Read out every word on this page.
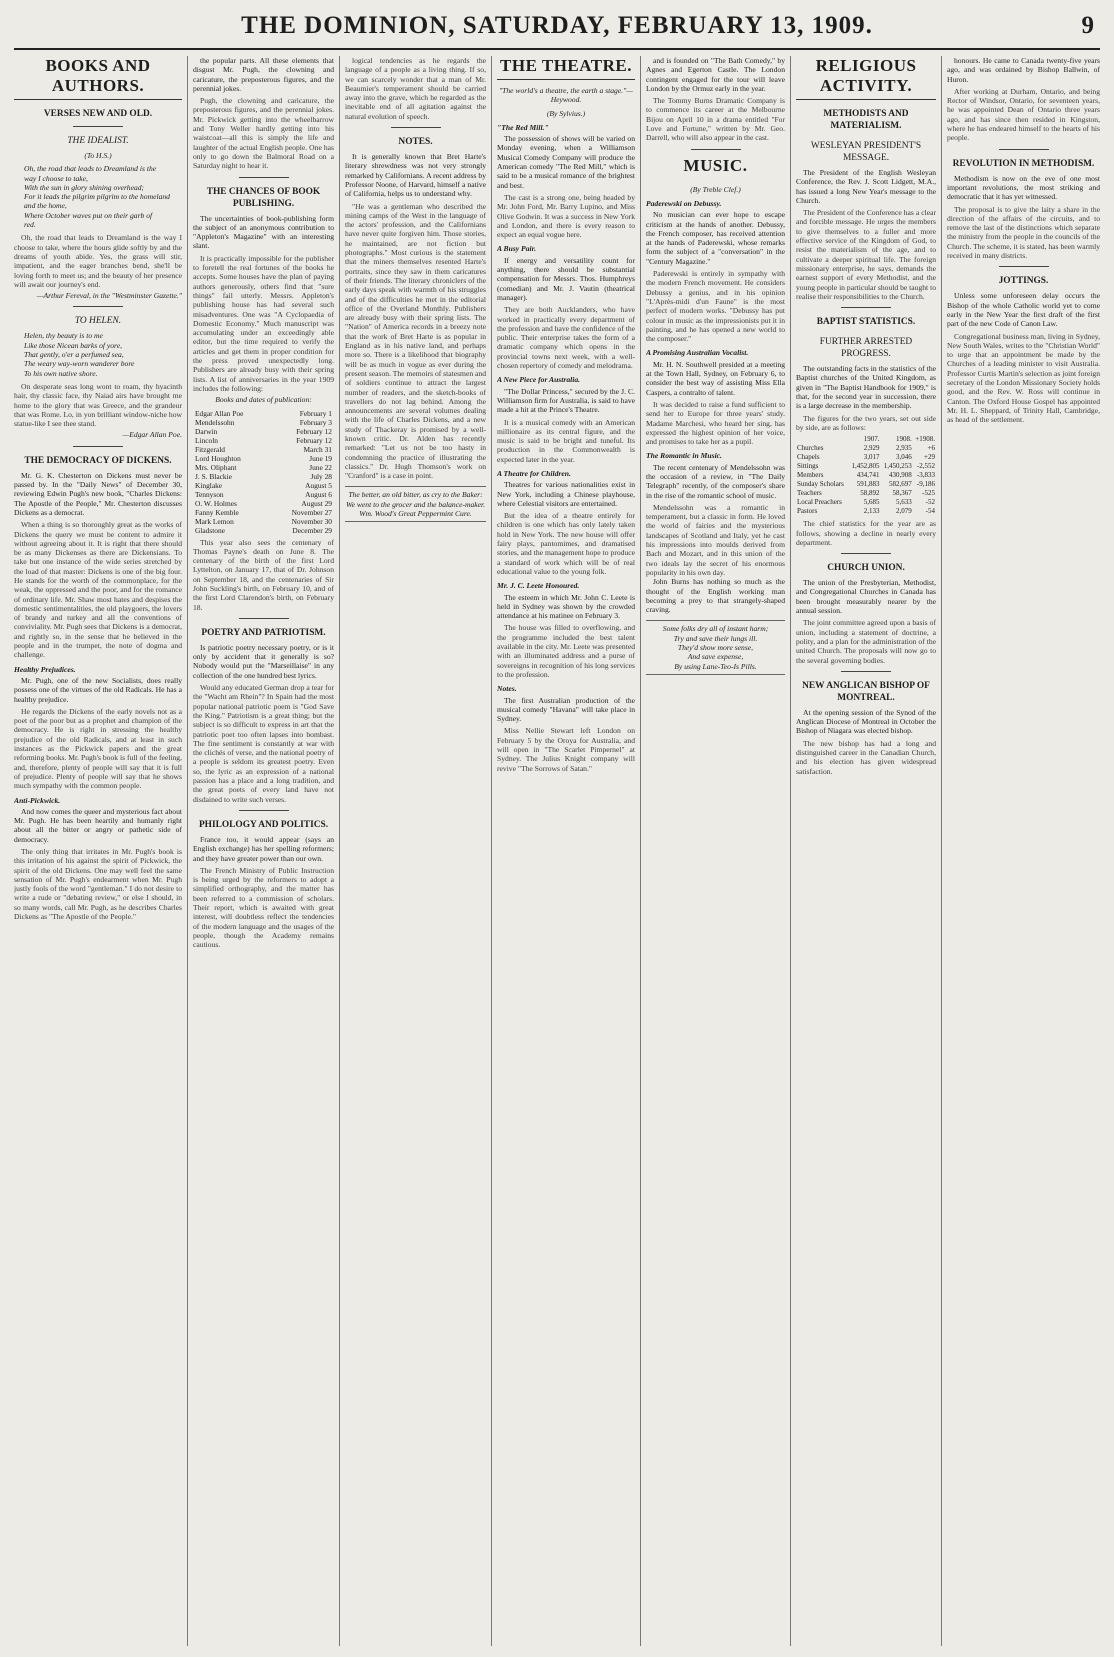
THE DOMINION, SATURDAY, FEBRUARY 13, 1909.	9
BOOKS AND AUTHORS.
VERSES NEW AND OLD.
THE IDEALIST.
(To H.S.)
Oh, the road that leads to Dreamland is the
way I choose to take,
With the sun in glory shining overhead;
For it leads the pilgrim pilgrim to the homeland
and the home,
Where October waves put on their garb of
red.
Oh, the road that leads to Dreamland is the way I choose to take, where the hours glide softly by and the dreams of youth abide. Yes, the grass will stir, impatient, and the eager branches bend, she'll be loving forth to meet us; and the beauty of her presence will await our journey's end.
—Arthur Fereval, in the "Westminster Gazette."
TO HELEN.
Helen, thy beauty is to me
Like those Nicean barks of yore,
That gently, o'er a perfumed sea,
The weary way-worn wanderer bore
To his own native shore.
On desperate seas long wont to roam, thy hyacinth hair, thy classic face, thy Naiad airs have brought me home to the glory that was Greece, and the grandeur that was Rome. Lo, in yon brilliant window-niche how statue-like I see thee stand.
—Edgar Allan Poe.
THE DEMOCRACY OF DICKENS.

Mr. G. K. Chesterton on Dickens must never be passed by. In the "Daily News" of December 30, reviewing Edwin Pugh's new book, "Charles Dickens: The Apostle of the People," Mr. Chesterton discusses Dickens as a democrat.

When a thing is so thoroughly great as the works of Dickens the query we must be content to admire it without agreeing about it. It is right that there should be as many Dickenses as there are Dickensians. To take but one instance of the wide series stretched by the load of that master: Dickens is one of the big four. He stands for the worth of the commonplace, for the weak, the oppressed and the poor, and for the romance of ordinary life. Mr. Shaw most hates and despises the domestic sentimentalities, the old playgoers, the lovers of brandy and turkey and all the conventions of conviviality. Mr. Pugh sees that Dickens is a democrat, and rightly so, in the sense that he believed in the people and in the trumpet, the note of dogma and challenge.
Healthy Prejudices.

Mr. Pugh, one of the new Socialists, does really possess one of the virtues of the old Radicals. He has a healthy prejudice.

He regards the Dickens of the early novels not as a poet of the poor but as a prophet and champion of the democracy. He is right in stressing the healthy prejudice of the old Radicals, and at least in such instances as the Pickwick papers and the great reforming books. Mr. Pugh's book is full of the feeling, and, therefore, plenty of people will say that it is full of prejudice. Plenty of people will say that he shows much sympathy with the common people.
Anti-Pickwick.

And now comes the queer and mysterious fact about Mr. Pugh. He has been heartily and humanly right about all the bitter or angry or pathetic side of democracy.

The only thing that irritates in Mr. Pugh's book is this irritation of his against the spirit of Pickwick, the spirit of the old Dickens. One may well feel the same sensation of Mr. Pugh's endearment when Mr. Pugh justly fools of the word "gentleman." I do not desire to write a rude or "debating review," or else I should, in so many words, call Mr. Pugh, as he describes Charles Dickens as "The Apostle of the People."

the popular parts. All these elements that disgust Mr. Pugh, the clowning and caricature, the preposterous figures, and the perennial jokes.

Pugh, the clowning and caricature, the preposterous figures, and the perennial jokes. Mr. Pickwick getting into the wheelbarrow and Tony Weller hardly getting into his waistcoat—all this is simply the life and laughter of the actual English people. One has only to go down the Balmoral Road on a Saturday night to hear it.
THE CHANCES OF BOOK PUBLISHING.

The uncertainties of book-publishing form the subject of an anonymous contribution to "Appleton's Magazine" with an interesting slant.

It is practically impossible for the publisher to foretell the real fortunes of the books he accepts. Some houses have the plan of paying authors generously, others find that "sure things" fail utterly. Messrs. Appleton's publishing house has had several such misadventures. One was "A Cyclopaedia of Domestic Economy." Much manuscript was accumulating under an exceedingly able editor, but the time required to verify the articles and get them in proper condition for the press proved unexpectedly long. Publishers are already busy with their spring lists. A list of anniversaries in the year 1909 includes the following:
Books and dates of publication:
Edgar Allan Poe	February 1
Mendelssohn	February 3
Darwin	February 12
Lincoln	February 12
Fitzgerald	March 31
Lord Houghton	June 19
Mrs. Oliphant	June 22
J. S. Blackie	July 28
Kinglake	August 5
Tennyson	August 6
O. W. Holmes	August 29
Fanny Kemble	November 27
Mark Lemon	November 30
Gladstone	December 29
This year also sees the centenary of Thomas Payne's death on June 8. The centenary of the birth of the first Lord Lyttelton, on January 17, that of Dr. Johnson on September 18, and the centenaries of Sir John Suckling's birth, on February 10, and of the first Lord Clarendon's birth, on February 18.
POETRY AND PATRIOTISM.

Is patriotic poetry necessary poetry, or is it only by accident that it generally is so? Nobody would put the "Marseillaise" in any collection of the one hundred best lyrics.

Would any educated German drop a tear for the "Wacht am Rhein"? In Spain had the most popular national patriotic poem is "God Save the King." Patriotism is a great thing; but the subject is so difficult to express in art that the patriotic poet too often lapses into bombast. The fine sentiment is constantly at war with the clichés of verse, and the national poetry of a people is seldom its greatest poetry. Even so, the lyric as an expression of a national passion has a place and a long tradition, and the great poets of every land have not disdained to write such verses.
PHILOLOGY AND POLITICS.

France too, it would appear (says an English exchange) has her spelling reformers; and they have greater power than our own.

The French Ministry of Public Instruction is being urged by the reformers to adopt a simplified orthography, and the matter has been referred to a commission of scholars. Their report, which is awaited with great interest, will doubtless reflect the tendencies of the modern language and the usages of the people, though the Academy remains cautious.
logical tendencies as he regards the language of a people as a living thing. If so, we can scarcely wonder that a man of Mr. Beaumier's temperament should be carried away into the grave, which he regarded as the inevitable end of all agitation against the natural evolution of speech.
NOTES.

It is generally known that Bret Harte's literary shrewdness was not very strongly remarked by Californians. A recent address by Professor Noone, of Harvard, himself a native of California, helps us to understand why.

"He was a gentleman who described the mining camps of the West in the language of the actors' profession, and the Californians have never quite forgiven him. Those stories, he maintained, are not fiction but photographs." Most curious is the statement that the miners themselves resented Harte's portraits, since they saw in them caricatures of their friends. The literary chroniclers of the early days speak with warmth of his struggles and of the difficulties he met in the editorial office of the Overland Monthly. Publishers are already busy with their spring lists. The "Nation" of America records in a breezy note that the work of Bret Harte is as popular in England as in his native land, and perhaps more so. There is a likelihood that biography will be as much in vogue as ever during the present season. The memoirs of statesmen and of soldiers continue to attract the largest number of readers, and the sketch-books of travellers do not lag behind. Among the announcements are several volumes dealing with the life of Charles Dickens, and a new study of Thackeray is promised by a well-known critic. Dr. Alden has recently remarked: "Let us not be too hasty in condemning the practice of illustrating the classics." Dr. Hugh Thomson's work on "Cranford" is a case in point.
The better, an old bitter, as cry to the Baker: We went to the grocer and the balance-maker.
Wm. Wood's Great Peppermint Cure.
THE THEATRE.
"The world's a theatre, the earth a stage."—Heywood.
(By Sylvius.)
"The Red Mill."

The possession of shows will be varied on Monday evening, when a Williamson Musical Comedy Company will produce the American comedy "The Red Mill," which is said to be a musical romance of the brightest and best.

The cast is a strong one, being headed by Mr. John Ford, Mr. Barry Lupino, and Miss Olive Godwin. It was a success in New York and London, and there is every reason to expect an equal vogue here.
A Busy Pair.

If energy and versatility count for anything, there should be substantial compensation for Messrs. Thos. Humphreys (comedian) and Mr. J. Vautin (theatrical manager).

They are both Aucklanders, who have worked in practically every department of the profession and have the confidence of the public. Their enterprise takes the form of a dramatic company which opens in the provincial towns next week, with a well-chosen repertory of comedy and melodrama.
A New Piece for Australia.

"The Dollar Princess," secured by the J. C. Williamson firm for Australia, is said to have made a hit at the Prince's Theatre.

It is a musical comedy with an American millionaire as its central figure, and the music is said to be bright and tuneful. Its production in the Commonwealth is expected later in the year.
A Theatre for Children.

Theatres for various nationalities exist in New York, including a Chinese playhouse, where Celestial visitors are entertained.

But the idea of a theatre entirely for children is one which has only lately taken hold in New York. The new house will offer fairy plays, pantomimes, and dramatised stories, and the management hope to produce a standard of work which will be of real educational value to the young folk.
Mr. J. C. Leete Honoured.

The esteem in which Mr. John C. Leete is held in Sydney was shown by the crowded attendance at his matinee on February 3.

The house was filled to overflowing, and the programme included the best talent available in the city. Mr. Leete was presented with an illuminated address and a purse of sovereigns in recognition of his long services to the profession.
Notes.

The first Australian production of the musical comedy "Havana" will take place in Sydney.

Miss Nellie Stewart left London on February 5 by the Oroya for Australia, and will open in "The Scarlet Pimpernel" at Sydney. The Julius Knight company will revive "The Sorrows of Satan."

and is founded on "The Bath Comedy," by Agnes and Egerton Castle. The London contingent engaged for the tour will leave London by the Ormuz early in the year.

The Tommy Burns Dramatic Company is to commence its career at the Melbourne Bijou on April 10 in a drama entitled "For Love and Fortune," written by Mr. Geo. Darrell, who will also appear in the cast.
MUSIC.
(By Treble Clef.)
Paderewski on Debussy.

No musician can ever hope to escape criticism at the hands of another. Debussy, the French composer, has received attention at the hands of Paderewski, whose remarks form the subject of a "conversation" in the "Century Magazine."

Paderewski is entirely in sympathy with the modern French movement. He considers Debussy a genius, and in his opinion "L'Après-midi d'un Faune" is the most perfect of modern works. "Debussy has put colour in music as the impressionists put it in painting, and he has opened a new world to the composer."
A Promising Australian Vocalist.

Mr. H. N. Southwell presided at a meeting at the Town Hall, Sydney, on February 6, to consider the best way of assisting Miss Ella Caspers, a contralto of talent.

It was decided to raise a fund sufficient to send her to Europe for three years' study. Madame Marchesi, who heard her sing, has expressed the highest opinion of her voice, and promises to take her as a pupil.
The Romantic in Music.

The recent centenary of Mendelssohn was the occasion of a review, in "The Daily Telegraph" recently, of the composer's share in the rise of the romantic school of music.

Mendelssohn was a romantic in temperament, but a classic in form. He loved the world of fairies and the mysterious landscapes of Scotland and Italy, yet he cast his impressions into moulds derived from Bach and Mozart, and in this union of the two ideals lay the secret of his enormous popularity in his own day.

John Burns has nothing so much as the thought of the English working man becoming a prey to that strangely-shaped craving.

Some folks dry all of instant harm;
Try and save their lungs ill.
They'd show more sense,
And save expense,
By using Lane-Teo-Is Pills.
RELIGIOUS ACTIVITY.
METHODISTS AND MATERIALISM.
WESLEYAN PRESIDENT'S MESSAGE.

The President of the English Wesleyan Conference, the Rev. J. Scott Lidgett, M.A., has issued a long New Year's message to the Church.

The President of the Conference has a clear and forcible message. He urges the members to give themselves to a fuller and more effective service of the Kingdom of God, to resist the materialism of the age, and to cultivate a deeper spiritual life. The foreign missionary enterprise, he says, demands the earnest support of every Methodist, and the young people in particular should be taught to realise their responsibilities to the Church.
BAPTIST STATISTICS.
FURTHER ARRESTED PROGRESS.

The outstanding facts in the statistics of the Baptist churches of the United Kingdom, as given in "The Baptist Handbook for 1909," is that, for the second year in succession, there is a large decrease in the membership.

The figures for the two years, set out side by side, are as follows:
	1907.	1908.	+1908.
Churches	2,929	2,935	+6
Chapels	3,017	3,046	+29
Sittings	1,452,805	1,450,253	-2,552
Members	434,741	430,908	-3,833
Sunday Scholars	591,883	582,697	-9,186
Teachers	58,892	58,367	-525
Local Preachers	5,685	5,633	-52
Pastors	2,133	2,079	-54
The chief statistics for the year are as follows, showing a decline in nearly every department.
CHURCH UNION.

The union of the Presbyterian, Methodist, and Congregational Churches in Canada has been brought measurably nearer by the annual session.

The joint committee agreed upon a basis of union, including a statement of doctrine, a polity, and a plan for the administration of the united Church. The proposals will now go to the several governing bodies.
NEW ANGLICAN BISHOP OF MONTREAL.

At the opening session of the Synod of the Anglican Diocese of Montreal in October the Bishop of Niagara was elected bishop.

The new bishop has had a long and distinguished career in the Canadian Church, and his election has given widespread satisfaction.

honours. He came to Canada twenty-five years ago, and was ordained by Bishop Ballwin, of Huron.

After working at Durham, Ontario, and being Rector of Windsor, Ontario, for seventeen years, he was appointed Dean of Ontario three years ago, and has since then resided in Kingston, where he has endeared himself to the hearts of his people.
REVOLUTION IN METHODISM.

Methodism is now on the eve of one most important revolutions, the most striking and democratic that it has yet witnessed.

The proposal is to give the laity a share in the direction of the affairs of the circuits, and to remove the last of the distinctions which separate the ministry from the people in the councils of the Church. The scheme, it is stated, has been warmly received in many districts.
JOTTINGS.

Unless some unforeseen delay occurs the Bishop of the whole Catholic world yet to come early in the New Year the first draft of the first part of the new Code of Canon Law.

Congregational business man, living in Sydney, New South Wales, writes to the "Christian World" to urge that an appointment be made by the Churches of a leading minister to visit Australia. Professor Curtis Martin's selection as joint foreign secretary of the London Missionary Society holds good, and the Rev. W. Ross will continue in Canton. The Oxford House Gospel has appointed Mr. H. L. Sheppard, of Trinity Hall, Cambridge, as head of the settlement.
